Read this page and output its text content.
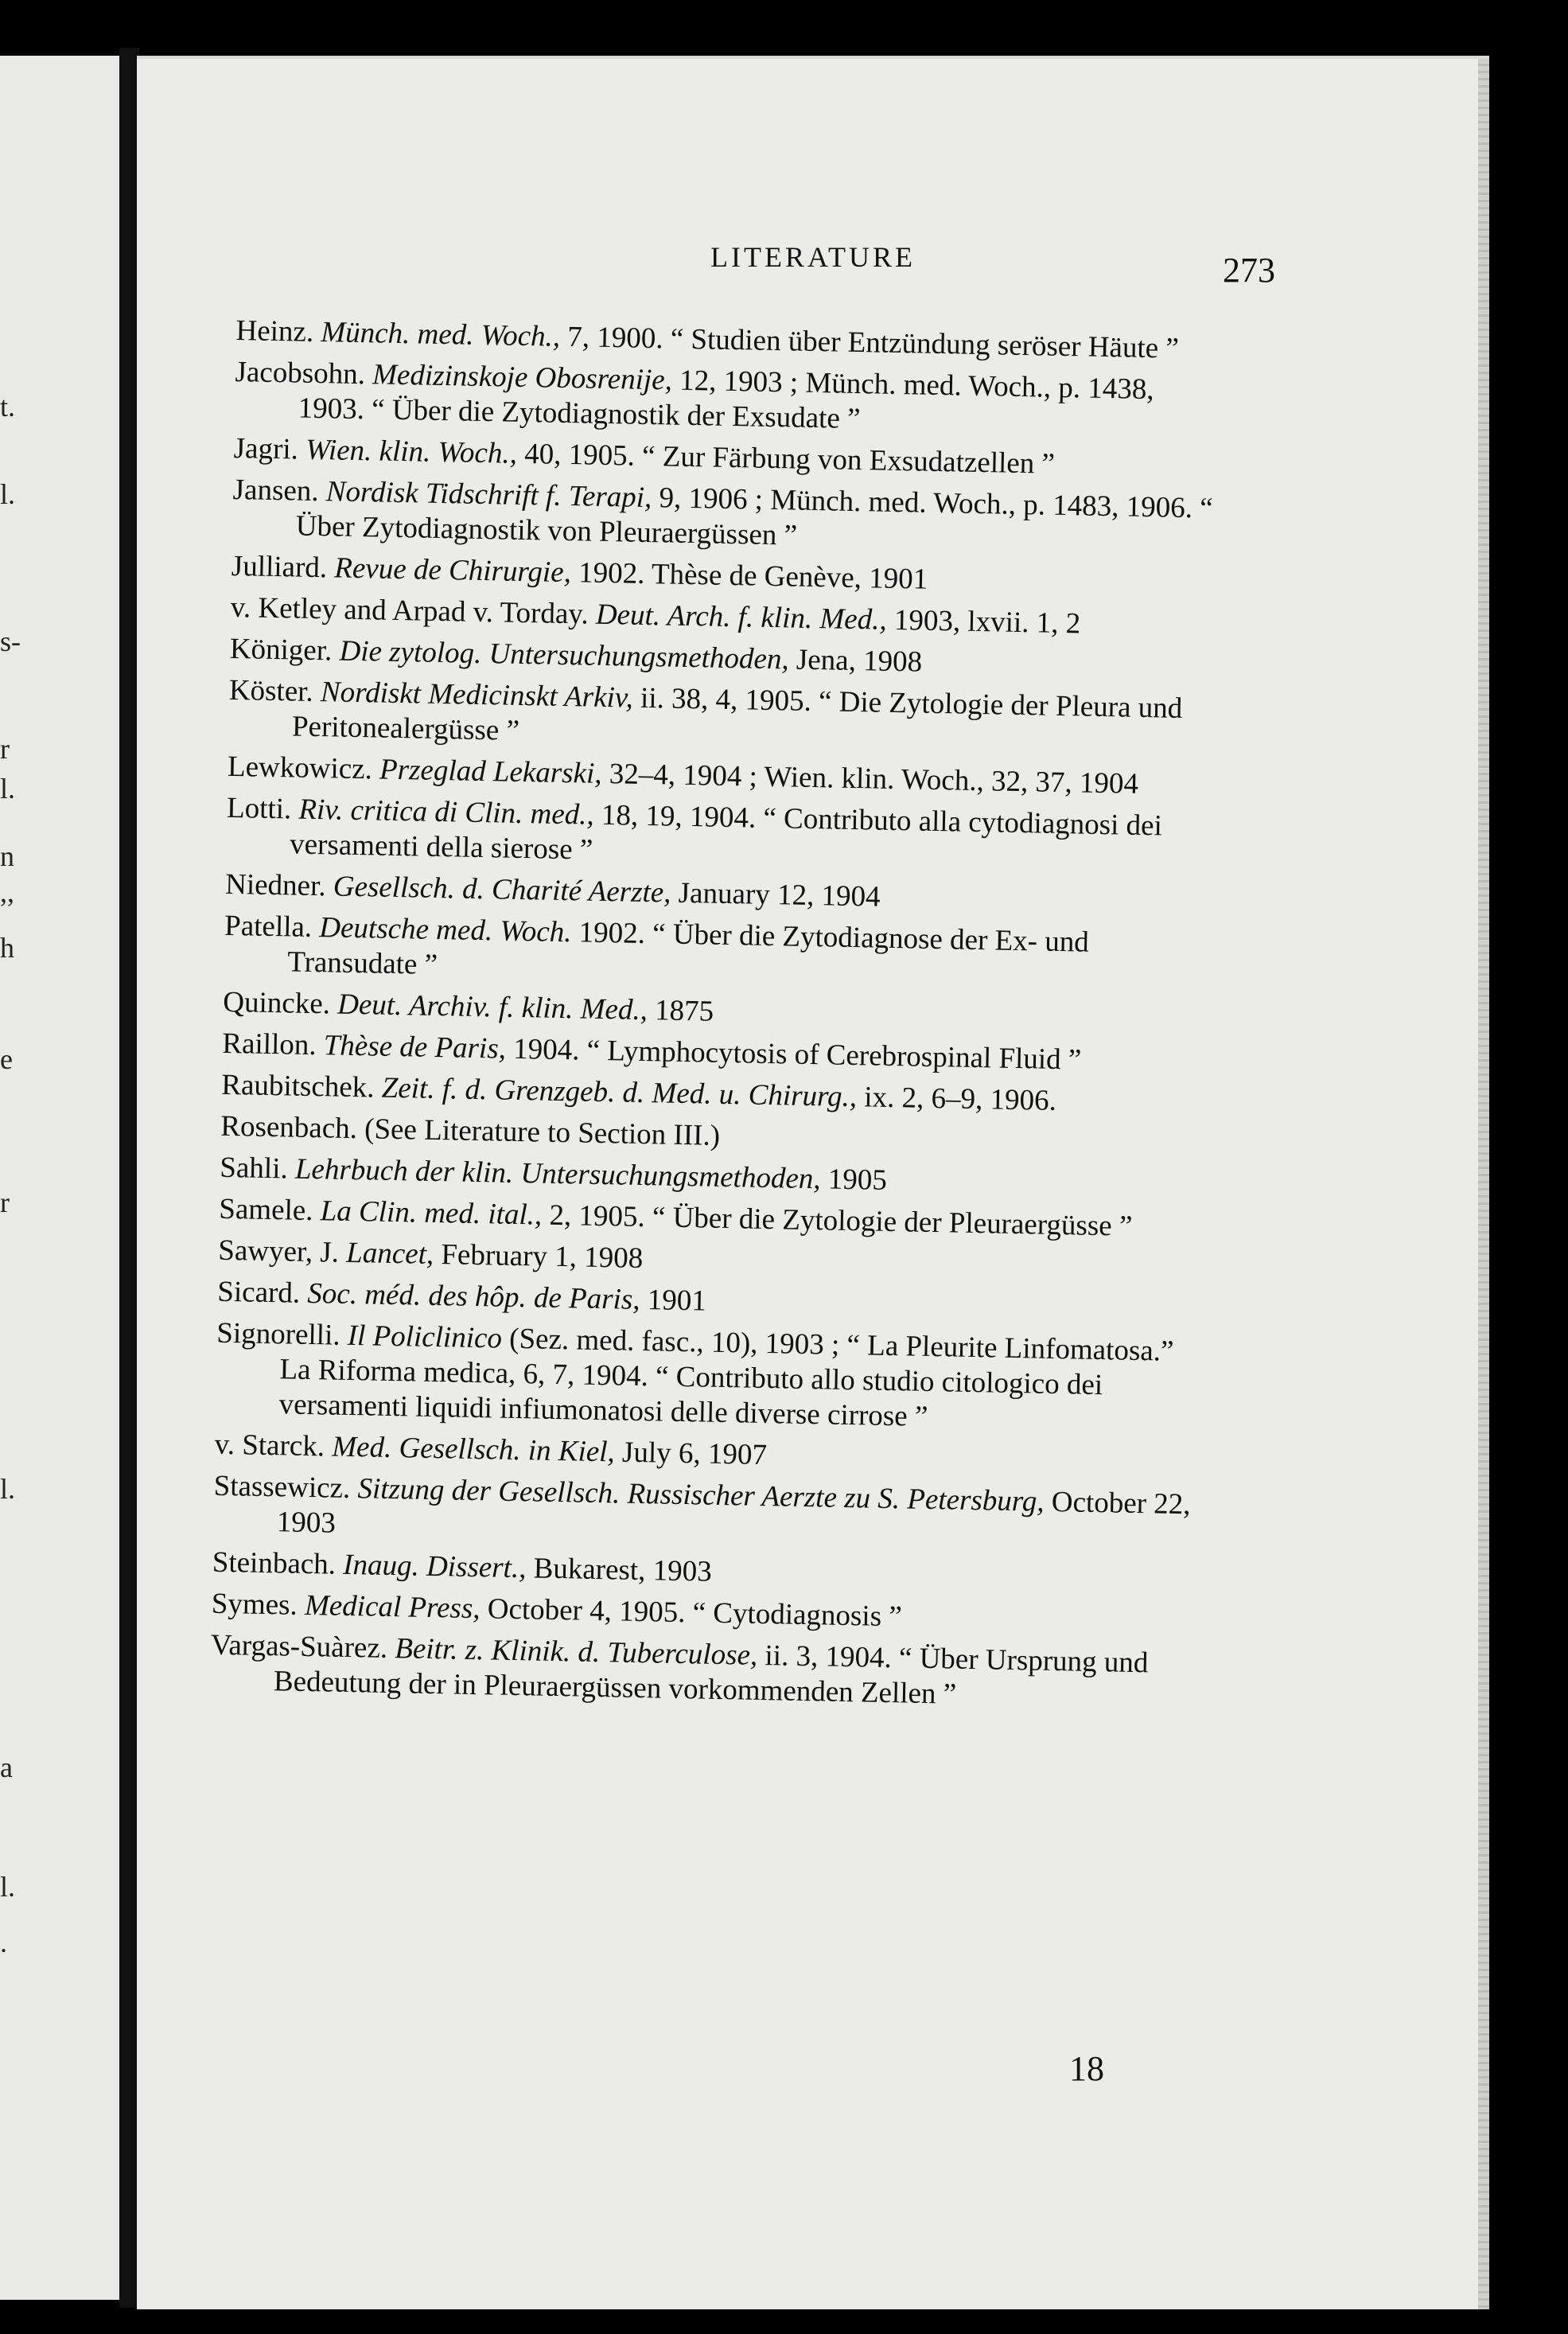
t.
l.
s-
r
l.
n
,,
h
e
r
l.
a
l.
.
LITERATURE	273

Heinz. Münch. med. Woch., 7, 1900. “ Studien über Entzündung seröser Häute ”

Jacobsohn. Medizinskoje Obosrenije, 12, 1903 ; Münch. med. Woch., p. 1438, 1903. “ Über die Zytodiagnostik der Exsudate ”

Jagri. Wien. klin. Woch., 40, 1905. “ Zur Färbung von Exsudatzellen ”

Jansen. Nordisk Tidschrift f. Terapi, 9, 1906 ; Münch. med. Woch., p. 1483, 1906. “ Über Zytodiagnostik von Pleuraergüssen ”

Julliard. Revue de Chirurgie, 1902. Thèse de Genève, 1901

v. Ketley and Arpad v. Torday. Deut. Arch. f. klin. Med., 1903, lxvii. 1, 2

Königer. Die zytolog. Untersuchungsmethoden, Jena, 1908

Köster. Nordiskt Medicinskt Arkiv, ii. 38, 4, 1905. “ Die Zytologie der Pleura und Peritonealergüsse ”

Lewkowicz. Przeglad Lekarski, 32–4, 1904 ; Wien. klin. Woch., 32, 37, 1904

Lotti. Riv. critica di Clin. med., 18, 19, 1904. “ Contributo alla cytodiagnosi dei versamenti della sierose ”

Niedner. Gesellsch. d. Charité Aerzte, January 12, 1904

Patella. Deutsche med. Woch. 1902. “ Über die Zytodiagnose der Ex- und Transudate ”

Quincke. Deut. Archiv. f. klin. Med., 1875

Raillon. Thèse de Paris, 1904. “ Lymphocytosis of Cerebrospinal Fluid ”

Raubitschek. Zeit. f. d. Grenzgeb. d. Med. u. Chirurg., ix. 2, 6–9, 1906.

Rosenbach. (See Literature to Section III.)

Sahli. Lehrbuch der klin. Untersuchungsmethoden, 1905

Samele. La Clin. med. ital., 2, 1905. “ Über die Zytologie der Pleuraergüsse ”

Sawyer, J. Lancet, February 1, 1908

Sicard. Soc. méd. des hôp. de Paris, 1901

Signorelli. Il Policlinico (Sez. med. fasc., 10), 1903 ; “ La Pleurite Linfomatosa.” La Riforma medica, 6, 7, 1904. “ Contributo allo studio citologico dei versamenti liquidi infiumonatosi delle diverse cirrose ”

v. Starck. Med. Gesellsch. in Kiel, July 6, 1907

Stassewicz. Sitzung der Gesellsch. Russischer Aerzte zu S. Petersburg, October 22, 1903

Steinbach. Inaug. Dissert., Bukarest, 1903

Symes. Medical Press, October 4, 1905. “ Cytodiagnosis ”

Vargas-Suàrez. Beitr. z. Klinik. d. Tuberculose, ii. 3, 1904. “ Über Ursprung und Bedeutung der in Pleuraergüssen vorkommenden Zellen ”

18
